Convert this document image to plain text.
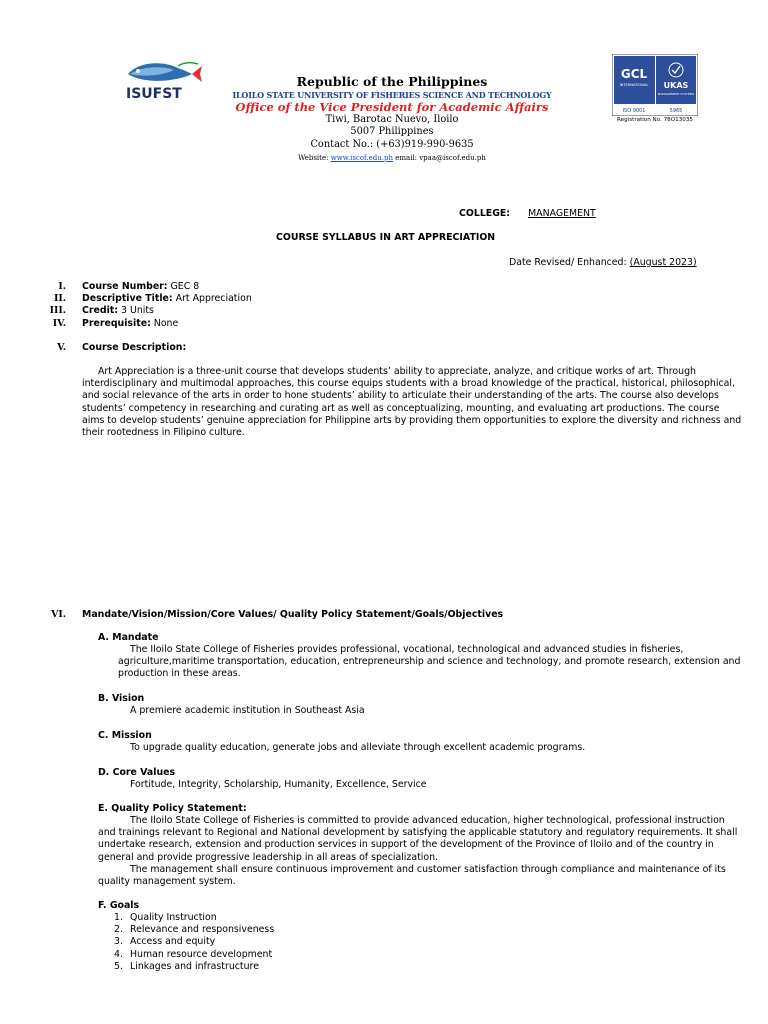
ISUFST
Republic of the Philippines
ILOILO STATE UNIVERSITY OF FISHERIES SCIENCE AND TECHNOLOGY
Office of the Vice President for Academic Affairs
Tiwi, Barotac Nuevo, Iloilo
5007 Philippines
Contact No.: (+63)919-990-9635
Website: www.iscof.edu.ph email: vpaa@iscof.edu.ph
GCL
INTERNATIONAL UKAS
MANAGEMENT SYSTEMS
ISO 9001	5965
Registration No. 78Q13035
COLLEGE: MANAGEMENT
COURSE SYLLABUS IN ART APPRECIATION
Date Revised/ Enhanced: (August 2023)
I. Course Number: GEC 8
II. Descriptive Title: Art Appreciation
III. Credit: 3 Units
IV. Prerequisite: None
V. Course Description:
Art Appreciation is a three-unit course that develops students’ ability to appreciate, analyze, and critique works of art. Through
interdisciplinary and multimodal approaches, this course equips students with a broad knowledge of the practical, historical, philosophical,
and social relevance of the arts in order to hone students’ ability to articulate their understanding of the arts. The course also develops
students’ competency in researching and curating art as well as conceptualizing, mounting, and evaluating art productions. The course
aims to develop students’ genuine appreciation for Philippine arts by providing them opportunities to explore the diversity and richness and
their rootedness in Filipino culture.
VI. Mandate/Vision/Mission/Core Values/ Quality Policy Statement/Goals/Objectives
A. Mandate
The Iloilo State College of Fisheries provides professional, vocational, technological and advanced studies in fisheries,
agriculture,maritime transportation, education, entrepreneurship and science and technology, and promote research, extension and
production in these areas.
B. Vision
A premiere academic institution in Southeast Asia
C. Mission
To upgrade quality education, generate jobs and alleviate through excellent academic programs.
D. Core Values
Fortitude, Integrity, Scholarship, Humanity, Excellence, Service
E. Quality Policy Statement:
The Iloilo State College of Fisheries is committed to provide advanced education, higher technological, professional instruction
and trainings relevant to Regional and National development by satisfying the applicable statutory and regulatory requirements. It shall
undertake research, extension and production services in support of the development of the Province of Iloilo and of the country in
general and provide progressive leadership in all areas of specialization.
The management shall ensure continuous improvement and customer satisfaction through compliance and maintenance of its
quality management system.
F. Goals
1. Quality Instruction
2. Relevance and responsiveness
3. Access and equity
4. Human resource development
5. Linkages and infrastructure
